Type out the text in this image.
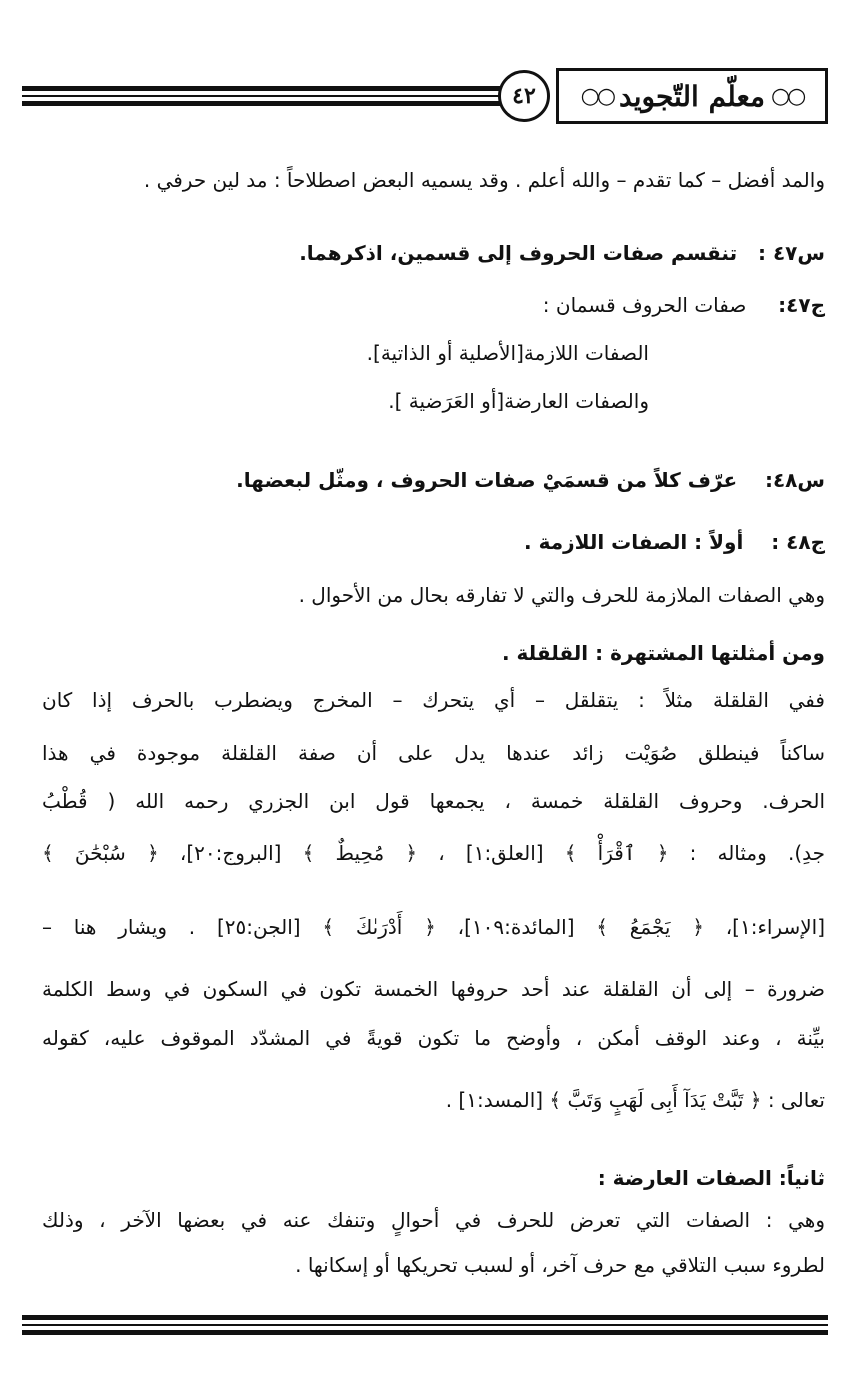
٤٢	○○
معلّم التّجويد
○○
والمد أفضل – كما تقدم – والله أعلم . وقد يسميه البعض اصطلاحاً : مد لين حرفي .
س٤٧ :   تنقسم صفات الحروف إلى قسمين، اذكرهما.
ج٤٧:     صفات الحروف قسمان :
الصفات اللازمة[الأصلية أو الذاتية].
والصفات العارضة[أو العَرَضية ].
س٤٨:    عرّف كلاً من قسمَيْ صفات الحروف ، ومثّل لبعضها.
ج٤٨ :    أولاً : الصفات اللازمة .
وهي الصفات الملازمة للحرف والتي لا تفارقه بحال من الأحوال .
ومن أمثلتها المشتهرة : القلقلة .
ففي القلقلة مثلاً : يتقلقل – أي يتحرك – المخرج ويضطرب بالحرف إذا كان
ساكناً فينطلق صُوَيْت زائد عندها يدل على أن صفة القلقلة موجودة في هذا
الحرف. وحروف القلقلة خمسة ، يجمعها قول ابن الجزري رحمه الله ( قُطْبُ
جدِ). ومثاله : ﴿ ٱقْرَأْ ﴾ [العلق:١] ، ﴿ مُحِيطٌ ﴾ [البروج:٢٠]، ﴿ سُبْحَٰنَ ﴾
[الإسراء:١]، ﴿ يَجْمَعُ ﴾ [المائدة:١٠٩]، ﴿ أَدْرَىٰكَ ﴾ [الجن:٢٥] . ويشار هنا –
ضرورة – إلى أن القلقلة عند أحد حروفها الخمسة تكون في السكون في وسط الكلمة
بيِّنة ، وعند الوقف أمكن ، وأوضح ما تكون قويةً في المشدّد الموقوف عليه، كقوله
تعالى : ﴿ تَبَّتْ يَدَآ أَبِى لَهَبٍ وَتَبَّ ﴾ [المسد:١] .
ثانياً: الصفات العارضة :
وهي : الصفات التي تعرض للحرف في أحوالٍ وتنفك عنه في بعضها الآخر ، وذلك
لطروء سبب التلاقي مع حرف آخر، أو لسبب تحريكها أو إسكانها .
